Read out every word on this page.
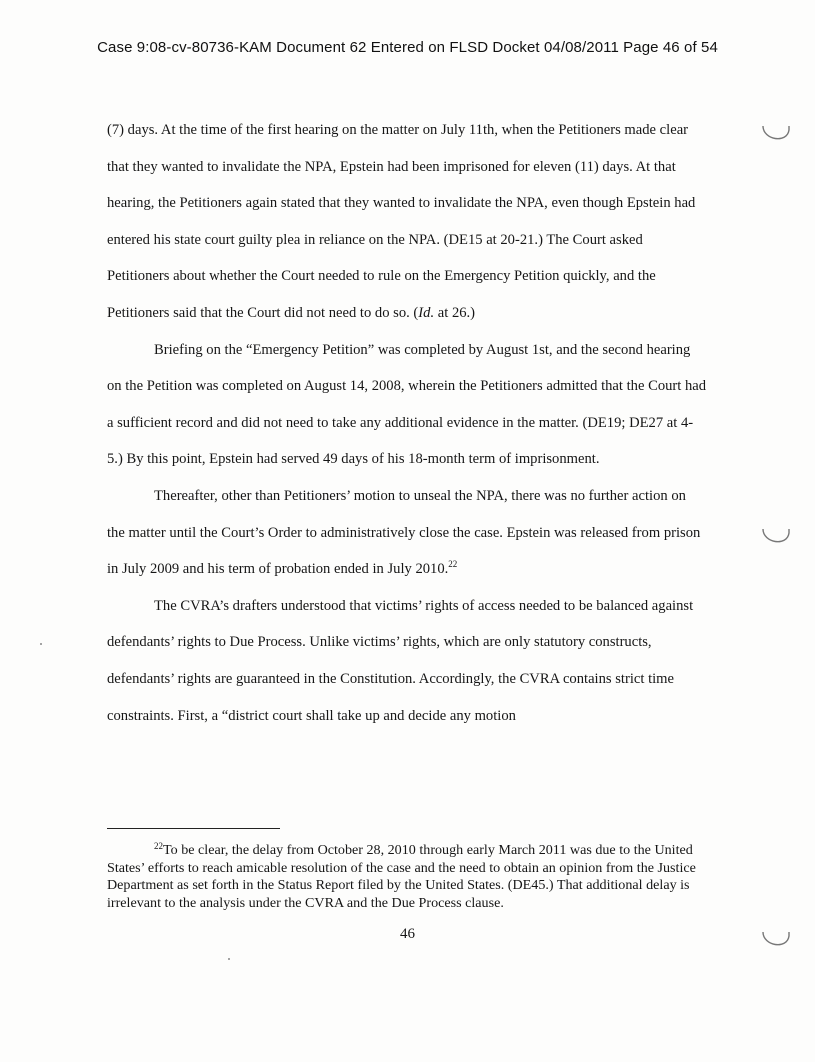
Case 9:08-cv-80736-KAM Document 62 Entered on FLSD Docket 04/08/2011 Page 46 of 54

(7) days. At the time of the first hearing on the matter on July 11th, when the Petitioners made clear that they wanted to invalidate the NPA, Epstein had been imprisoned for eleven (11) days. At that hearing, the Petitioners again stated that they wanted to invalidate the NPA, even though Epstein had entered his state court guilty plea in reliance on the NPA. (DE15 at 20-21.) The Court asked Petitioners about whether the Court needed to rule on the Emergency Petition quickly, and the Petitioners said that the Court did not need to do so. (Id. at 26.)

Briefing on the “Emergency Petition” was completed by August 1st, and the second hearing on the Petition was completed on August 14, 2008, wherein the Petitioners admitted that the Court had a sufficient record and did not need to take any additional evidence in the matter. (DE19; DE27 at 4-5.) By this point, Epstein had served 49 days of his 18-month term of imprisonment.

Thereafter, other than Petitioners’ motion to unseal the NPA, there was no further action on the matter until the Court’s Order to administratively close the case. Epstein was released from prison in July 2009 and his term of probation ended in July 2010.22

The CVRA’s drafters understood that victims’ rights of access needed to be balanced against defendants’ rights to Due Process. Unlike victims’ rights, which are only statutory constructs, defendants’ rights are guaranteed in the Constitution. Accordingly, the CVRA contains strict time constraints. First, a “district court shall take up and decide any motion

$^{22}$To be clear, the delay from October 28, 2010 through early March 2011 was due to the United States’ efforts to reach amicable resolution of the case and the need to obtain an opinion from the Justice Department as set forth in the Status Report filed by the United States. (DE45.) That additional delay is irrelevant to the analysis under the CVRA and the Due Process clause.
46
